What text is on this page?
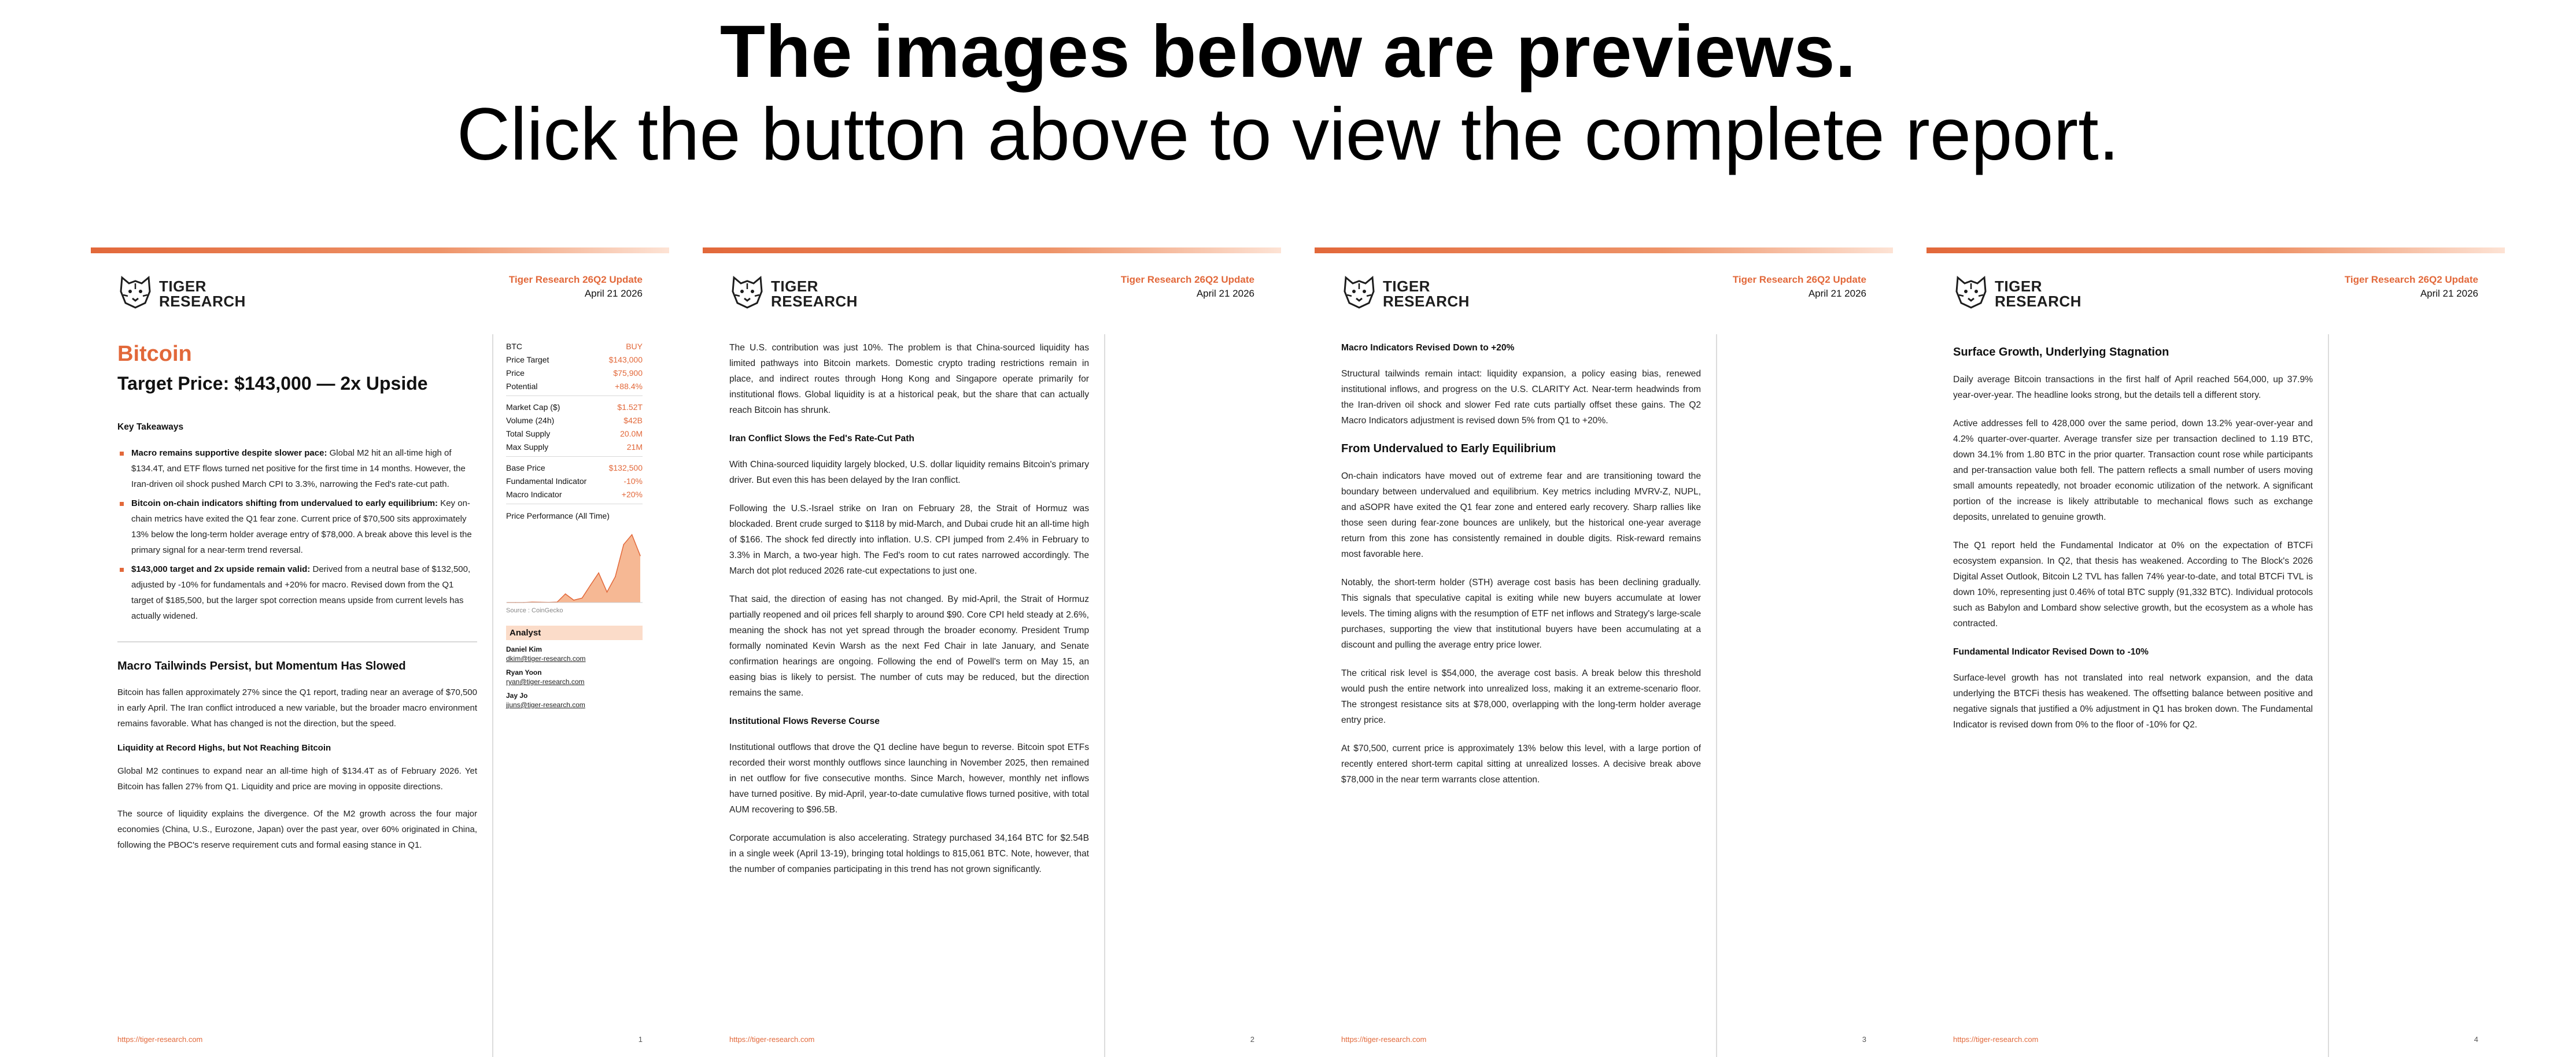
The images below are previews.
Click the button above to view the complete report.
TIGER
RESEARCH
Tiger Research 26Q2 Update
April 21 2026
Bitcoin
Target Price: $143,000 — 2x Upside
Key Takeaways
Macro remains supportive despite slower pace: Global M2 hit an all-time high of $134.4T, and ETF flows turned net positive for the first time in 14 months. However, the Iran-driven oil shock pushed March CPI to 3.3%, narrowing the Fed's rate-cut path.
Bitcoin on-chain indicators shifting from undervalued to early equilibrium: Key on-chain metrics have exited the Q1 fear zone. Current price of $70,500 sits approximately 13% below the long-term holder average entry of $78,000. A break above this level is the primary signal for a near-term trend reversal.
$143,000 target and 2x upside remain valid: Derived from a neutral base of $132,500, adjusted by -10% for fundamentals and +20% for macro. Revised down from the Q1 target of $185,500, but the larger spot correction means upside from current levels has actually widened.
Macro Tailwinds Persist, but Momentum Has Slowed

Bitcoin has fallen approximately 27% since the Q1 report, trading near an average of $70,500 in early April. The Iran conflict introduced a new variable, but the broader macro environment remains favorable. What has changed is not the direction, but the speed.

Liquidity at Record Highs, but Not Reaching Bitcoin

Global M2 continues to expand near an all-time high of $134.4T as of February 2026. Yet Bitcoin has fallen 27% from Q1. Liquidity and price are moving in opposite directions.

The source of liquidity explains the divergence. Of the M2 growth across the four major economies (China, U.S., Eurozone, Japan) over the past year, over 60% originated in China, following the PBOC's reserve requirement cuts and formal easing stance in Q1.

BTC	BUY
Price Target	$143,000
Price	$75,900
Potential	+88.4%
Market Cap ($)	$1.52T
Volume (24h)	$42B
Total Supply	20.0M
Max Supply	21M
Base Price	$132,500
Fundamental Indicator	-10%
Macro Indicator	+20%
Price Performance (All Time)
Source : CoinGecko
Analyst
Daniel Kim
dkim@tiger-research.com
Ryan Yoon
ryan@tiger-research.com
Jay Jo
jjuns@tiger-research.com
https://tiger-research.com	1
TIGER
RESEARCH
Tiger Research 26Q2 Update
April 21 2026

The U.S. contribution was just 10%. The problem is that China-sourced liquidity has limited pathways into Bitcoin markets. Domestic crypto trading restrictions remain in place, and indirect routes through Hong Kong and Singapore operate primarily for institutional flows. Global liquidity is at a historical peak, but the share that can actually reach Bitcoin has shrunk.

Iran Conflict Slows the Fed's Rate-Cut Path

With China-sourced liquidity largely blocked, U.S. dollar liquidity remains Bitcoin's primary driver. But even this has been delayed by the Iran conflict.

Following the U.S.-Israel strike on Iran on February 28, the Strait of Hormuz was blockaded. Brent crude surged to $118 by mid-March, and Dubai crude hit an all-time high of $166. The shock fed directly into inflation. U.S. CPI jumped from 2.4% in February to 3.3% in March, a two-year high. The Fed's room to cut rates narrowed accordingly. The March dot plot reduced 2026 rate-cut expectations to just one.

That said, the direction of easing has not changed. By mid-April, the Strait of Hormuz partially reopened and oil prices fell sharply to around $90. Core CPI held steady at 2.6%, meaning the shock has not yet spread through the broader economy. President Trump formally nominated Kevin Warsh as the next Fed Chair in late January, and Senate confirmation hearings are ongoing. Following the end of Powell's term on May 15, an easing bias is likely to persist. The number of cuts may be reduced, but the direction remains the same.

Institutional Flows Reverse Course

Institutional outflows that drove the Q1 decline have begun to reverse. Bitcoin spot ETFs recorded their worst monthly outflows since launching in November 2025, then remained in net outflow for five consecutive months. Since March, however, monthly net inflows have turned positive. By mid-April, year-to-date cumulative flows turned positive, with total AUM recovering to $96.5B.

Corporate accumulation is also accelerating. Strategy purchased 34,164 BTC for $2.54B in a single week (April 13-19), bringing total holdings to 815,061 BTC. Note, however, that the number of companies participating in this trend has not grown significantly.

https://tiger-research.com	2
TIGER
RESEARCH
Tiger Research 26Q2 Update
April 21 2026
Macro Indicators Revised Down to +20%

Structural tailwinds remain intact: liquidity expansion, a policy easing bias, renewed institutional inflows, and progress on the U.S. CLARITY Act. Near-term headwinds from the Iran-driven oil shock and slower Fed rate cuts partially offset these gains. The Q2 Macro Indicators adjustment is revised down 5% from Q1 to +20%.

From Undervalued to Early Equilibrium

On-chain indicators have moved out of extreme fear and are transitioning toward the boundary between undervalued and equilibrium. Key metrics including MVRV-Z, NUPL, and aSOPR have exited the Q1 fear zone and entered early recovery. Sharp rallies like those seen during fear-zone bounces are unlikely, but the historical one-year average return from this zone has consistently remained in double digits. Risk-reward remains most favorable here.

Notably, the short-term holder (STH) average cost basis has been declining gradually. This signals that speculative capital is exiting while new buyers accumulate at lower levels. The timing aligns with the resumption of ETF net inflows and Strategy's large-scale purchases, supporting the view that institutional buyers have been accumulating at a discount and pulling the average entry price lower.

The critical risk level is $54,000, the average cost basis. A break below this threshold would push the entire network into unrealized loss, making it an extreme-scenario floor. The strongest resistance sits at $78,000, overlapping with the long-term holder average entry price.

At $70,500, current price is approximately 13% below this level, with a large portion of recently entered short-term capital sitting at unrealized losses. A decisive break above $78,000 in the near term warrants close attention.

https://tiger-research.com	3
TIGER
RESEARCH
Tiger Research 26Q2 Update
April 21 2026
Surface Growth, Underlying Stagnation

Daily average Bitcoin transactions in the first half of April reached 564,000, up 37.9% year-over-year. The headline looks strong, but the details tell a different story.

Active addresses fell to 428,000 over the same period, down 13.2% year-over-year and 4.2% quarter-over-quarter. Average transfer size per transaction declined to 1.19 BTC, down 34.1% from 1.80 BTC in the prior quarter. Transaction count rose while participants and per-transaction value both fell. The pattern reflects a small number of users moving small amounts repeatedly, not broader economic utilization of the network. A significant portion of the increase is likely attributable to mechanical flows such as exchange deposits, unrelated to genuine growth.

The Q1 report held the Fundamental Indicator at 0% on the expectation of BTCFi ecosystem expansion. In Q2, that thesis has weakened. According to The Block's 2026 Digital Asset Outlook, Bitcoin L2 TVL has fallen 74% year-to-date, and total BTCFi TVL is down 10%, representing just 0.46% of total BTC supply (91,332 BTC). Individual protocols such as Babylon and Lombard show selective growth, but the ecosystem as a whole has contracted.

Fundamental Indicator Revised Down to -10%

Surface-level growth has not translated into real network expansion, and the data underlying the BTCFi thesis has weakened. The offsetting balance between positive and negative signals that justified a 0% adjustment in Q1 has broken down. The Fundamental Indicator is revised down from 0% to the floor of -10% for Q2.

https://tiger-research.com	4
